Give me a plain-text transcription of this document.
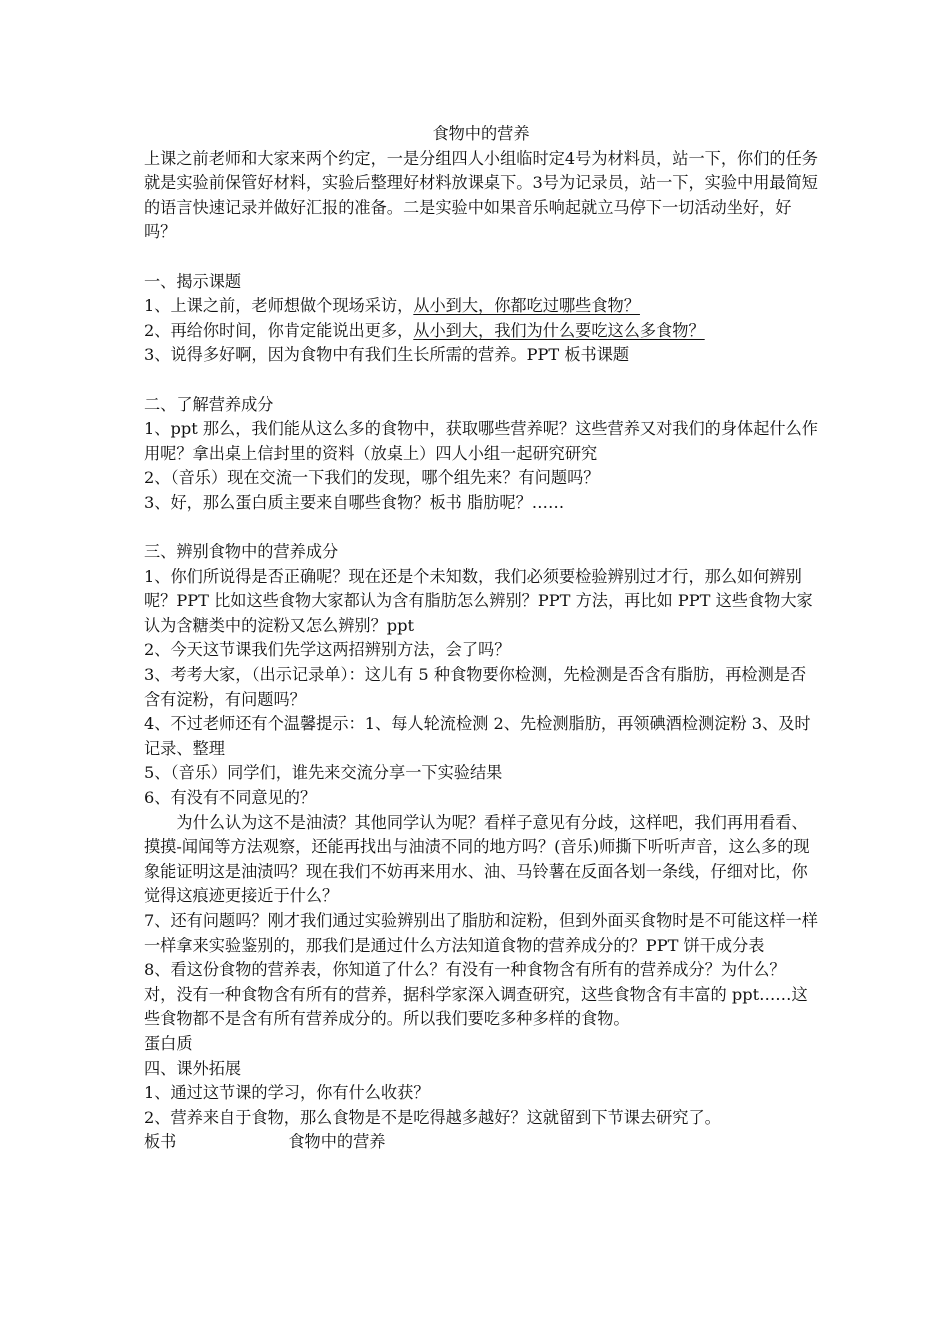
食物中的营养

上课之前老师和大家来两个约定，一是分组四人小组临时定4号为材料员，站一下，你们的任务就是实验前保管好材料，实验后整理好材料放课桌下。3号为记录员，站一下，实验中用最简短的语言快速记录并做好汇报的准备。二是实验中如果音乐响起就立马停下一切活动坐好，好吗？

一、揭示课题

1、上课之前，老师想做个现场采访，从小到大，你都吃过哪些食物？

2、再给你时间，你肯定能说出更多，从小到大，我们为什么要吃这么多食物？

3、说得多好啊，因为食物中有我们生长所需的营养。PPT 板书课题

二、了解营养成分

1、ppt 那么，我们能从这么多的食物中，获取哪些营养呢？这些营养又对我们的身体起什么作用呢？拿出桌上信封里的资料（放桌上）四人小组一起研究研究

2、（音乐）现在交流一下我们的发现，哪个组先来？有问题吗？

3、好，那么蛋白质主要来自哪些食物？板书 脂肪呢？……

三、辨别食物中的营养成分

1、你们所说得是否正确呢？现在还是个未知数，我们必须要检验辨别过才行，那么如何辨别呢？PPT 比如这些食物大家都认为含有脂肪怎么辨别？PPT 方法，再比如 PPT 这些食物大家认为含糖类中的淀粉又怎么辨别？ppt

2、今天这节课我们先学这两招辨别方法，会了吗？

3、考考大家，（出示记录单）：这儿有 5 种食物要你检测，先检测是否含有脂肪，再检测是否含有淀粉，有问题吗？

4、不过老师还有个温馨提示：1、每人轮流检测 2、先检测脂肪，再领碘酒检测淀粉 3、及时记录、整理

5、（音乐）同学们，谁先来交流分享一下实验结果

6、有没有不同意见的？

为什么认为这不是油渍？其他同学认为呢？看样子意见有分歧，这样吧，我们再用看看、摸摸-闻闻等方法观察，还能再找出与油渍不同的地方吗？(音乐)师撕下听听声音，这么多的现象能证明这是油渍吗？现在我们不妨再来用水、油、马铃薯在反面各划一条线，仔细对比，你觉得这痕迹更接近于什么？

7、还有问题吗？刚才我们通过实验辨别出了脂肪和淀粉，但到外面买食物时是不可能这样一样一样拿来实验鉴别的，那我们是通过什么方法知道食物的营养成分的？PPT 饼干成分表

8、看这份食物的营养表，你知道了什么？有没有一种食物含有所有的营养成分？为什么？

对，没有一种食物含有所有的营养，据科学家深入调查研究，这些食物含有丰富的 ppt……这些食物都不是含有所有营养成分的。所以我们要吃多种多样的食物。

蛋白质

四、课外拓展

1、通过这节课的学习，你有什么收获？

2、营养来自于食物，那么食物是不是吃得越多越好？这就留到下节课去研究了。

板书	食物中的营养
